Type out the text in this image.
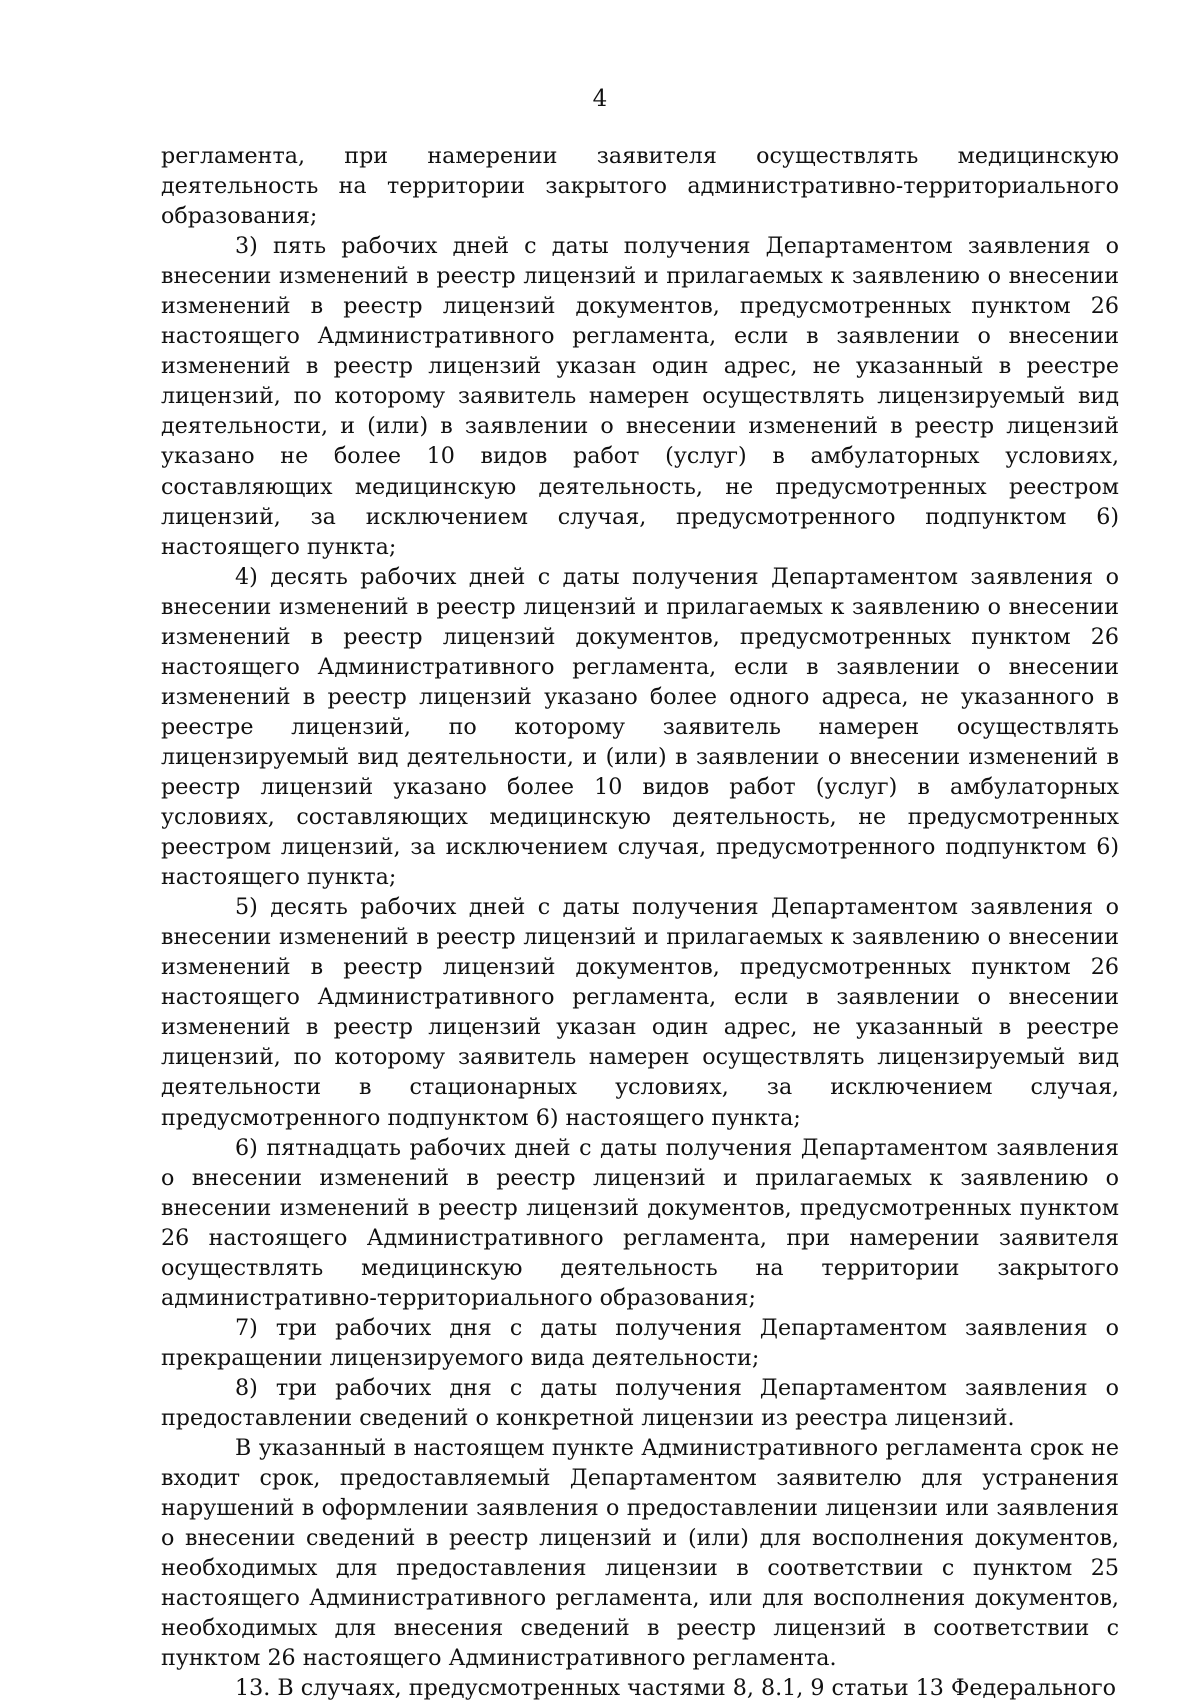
4

регламента, при намерении заявителя осуществлять медицинскую деятельность на территории закрытого административно-территориального образования;

3) пять рабочих дней с даты получения Департаментом заявления о внесении изменений в реестр лицензий и прилагаемых к заявлению о внесении изменений в реестр лицензий документов, предусмотренных пунктом 26 настоящего Административного регламента, если в заявлении о внесении изменений в реестр лицензий указан один адрес, не указанный в реестре лицензий, по которому заявитель намерен осуществлять лицензируемый вид деятельности, и (или) в заявлении о внесении изменений в реестр лицензий указано не более 10 видов работ (услуг) в амбулаторных условиях, составляющих медицинскую деятельность, не предусмотренных реестром лицензий, за исключением случая, предусмотренного подпунктом 6) настоящего пункта;

4) десять рабочих дней с даты получения Департаментом заявления о внесении изменений в реестр лицензий и прилагаемых к заявлению о внесении изменений в реестр лицензий документов, предусмотренных пунктом 26 настоящего Административного регламента, если в заявлении о внесении изменений в реестр лицензий указано более одного адреса, не указанного в реестре лицензий, по которому заявитель намерен осуществлять лицензируемый вид деятельности, и (или) в заявлении о внесении изменений в реестр лицензий указано более 10 видов работ (услуг) в амбулаторных условиях, составляющих медицинскую деятельность, не предусмотренных реестром лицензий, за исключением случая, предусмотренного подпунктом 6) настоящего пункта;

5) десять рабочих дней с даты получения Департаментом заявления о внесении изменений в реестр лицензий и прилагаемых к заявлению о внесении изменений в реестр лицензий документов, предусмотренных пунктом 26 настоящего Административного регламента, если в заявлении о внесении изменений в реестр лицензий указан один адрес, не указанный в реестре лицензий, по которому заявитель намерен осуществлять лицензируемый вид деятельности в стационарных условиях, за исключением случая, предусмотренного подпунктом 6) настоящего пункта;

6) пятнадцать рабочих дней с даты получения Департаментом заявления о внесении изменений в реестр лицензий и прилагаемых к заявлению о внесении изменений в реестр лицензий документов, предусмотренных пунктом 26 настоящего Административного регламента, при намерении заявителя осуществлять медицинскую деятельность на территории закрытого административно-территориального образования;

7) три рабочих дня с даты получения Департаментом заявления о прекращении лицензируемого вида деятельности;

8) три рабочих дня с даты получения Департаментом заявления о предоставлении сведений о конкретной лицензии из реестра лицензий.

В указанный в настоящем пункте Административного регламента срок не входит срок, предоставляемый Департаментом заявителю для устранения нарушений в оформлении заявления о предоставлении лицензии или заявления о внесении сведений в реестр лицензий и (или) для восполнения документов, необходимых для предоставления лицензии в соответствии с пунктом 25 настоящего Административного регламента, или для восполнения документов, необходимых для внесения сведений в реестр лицензий в соответствии с пунктом 26 настоящего Административного регламента.

13. В случаях, предусмотренных частями 8, 8.1, 9 статьи 13 Федерального
